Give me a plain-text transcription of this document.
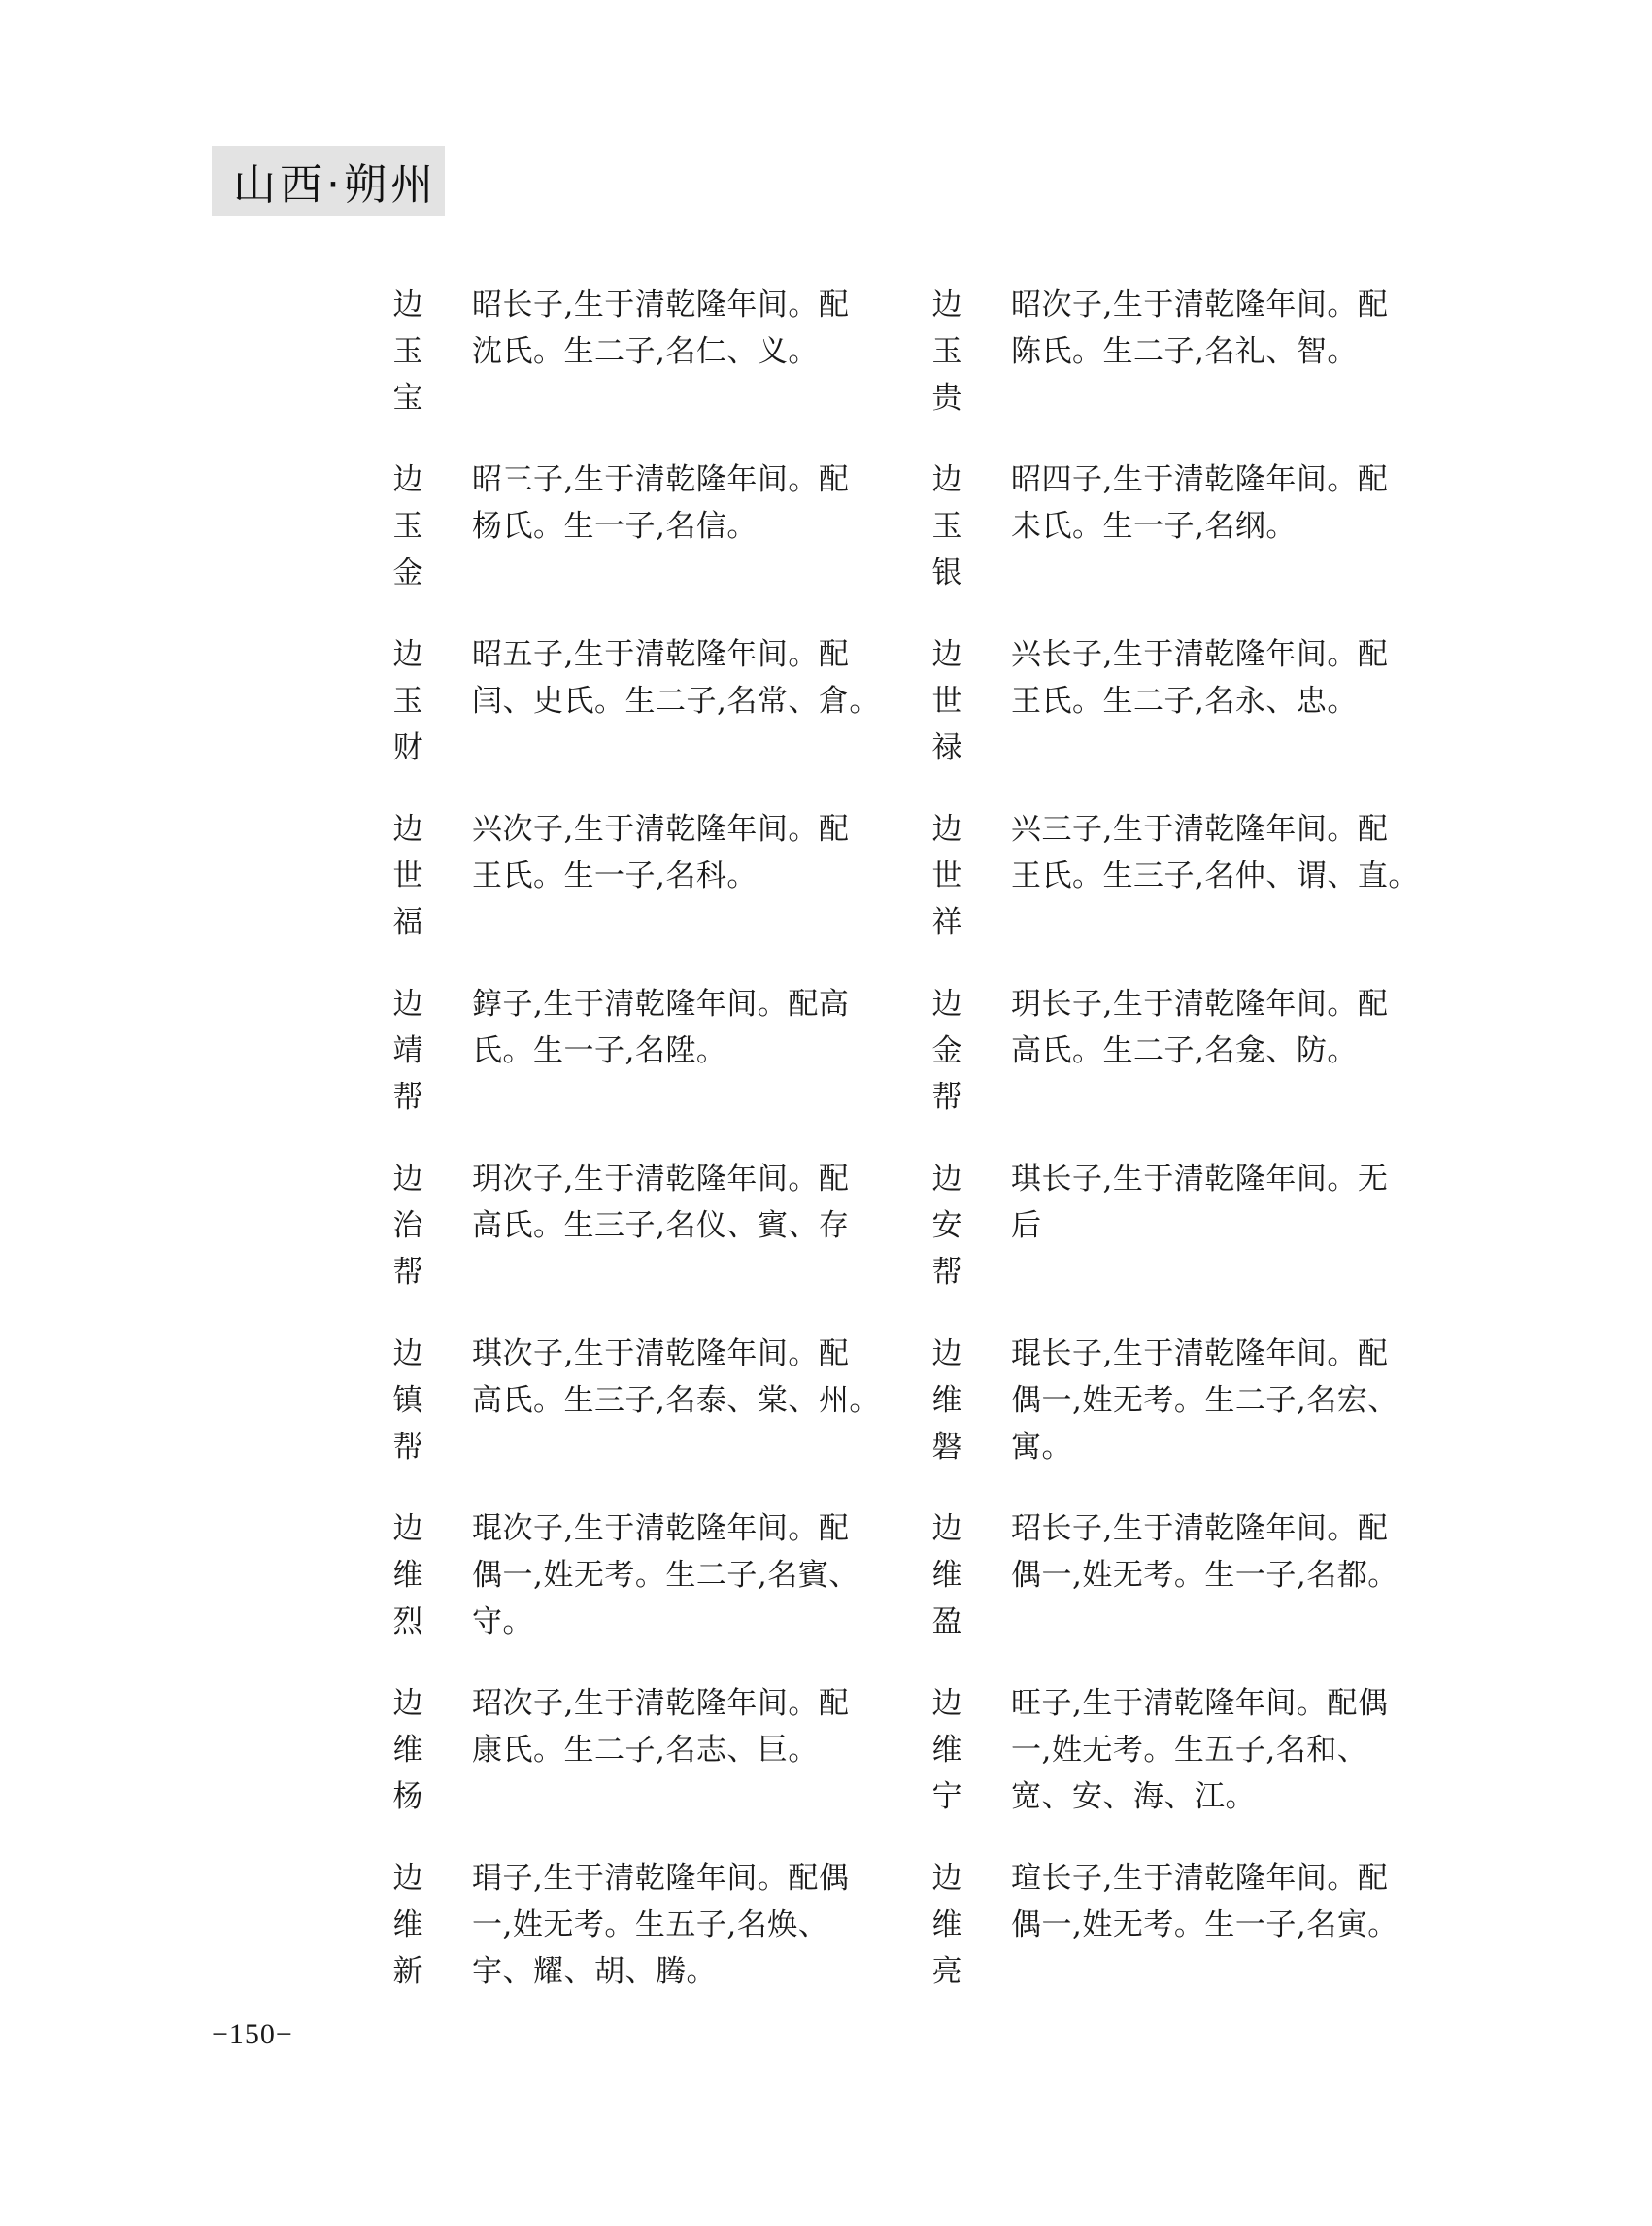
山西·朔州
边
玉
宝
昭长子,生于清乾隆年间。配
沈氏。生二子,名仁、义。
边
玉
贵
昭次子,生于清乾隆年间。配
陈氏。生二子,名礼、智。
边
玉
金
昭三子,生于清乾隆年间。配
杨氏。生一子,名信。
边
玉
银
昭四子,生于清乾隆年间。配
未氏。生一子,名纲。
边
玉
财
昭五子,生于清乾隆年间。配
闫、史氏。生二子,名常、倉。
边
世
禄
兴长子,生于清乾隆年间。配
王氏。生二子,名永、忠。
边
世
福
兴次子,生于清乾隆年间。配
王氏。生一子,名科。
边
世
祥
兴三子,生于清乾隆年间。配
王氏。生三子,名仲、谓、直。
边
靖
帮
錞子,生于清乾隆年间。配高
氏。生一子,名陞。
边
金
帮
玥长子,生于清乾隆年间。配
高氏。生二子,名龛、防。
边
治
帮
玥次子,生于清乾隆年间。配
高氏。生三子,名仪、賓、存
边
安
帮
琪长子,生于清乾隆年间。无
后
边
镇
帮
琪次子,生于清乾隆年间。配
高氏。生三子,名泰、棠、州。
边
维
磐
琨长子,生于清乾隆年间。配
偶一,姓无考。生二子,名宏、
寓。
边
维
烈
琨次子,生于清乾隆年间。配
偶一,姓无考。生二子,名賓、
守。
边
维
盈
玿长子,生于清乾隆年间。配
偶一,姓无考。生一子,名都。
边
维
杨
玿次子,生于清乾隆年间。配
康氏。生二子,名志、巨。
边
维
宁
旺子,生于清乾隆年间。配偶
一,姓无考。生五子,名和、
宽、安、海、江。
边
维
新
琄子,生于清乾隆年间。配偶
一,姓无考。生五子,名焕、
宇、耀、胡、腾。
边
维
亮
瑄长子,生于清乾隆年间。配
偶一,姓无考。生一子,名寅。
−150−
